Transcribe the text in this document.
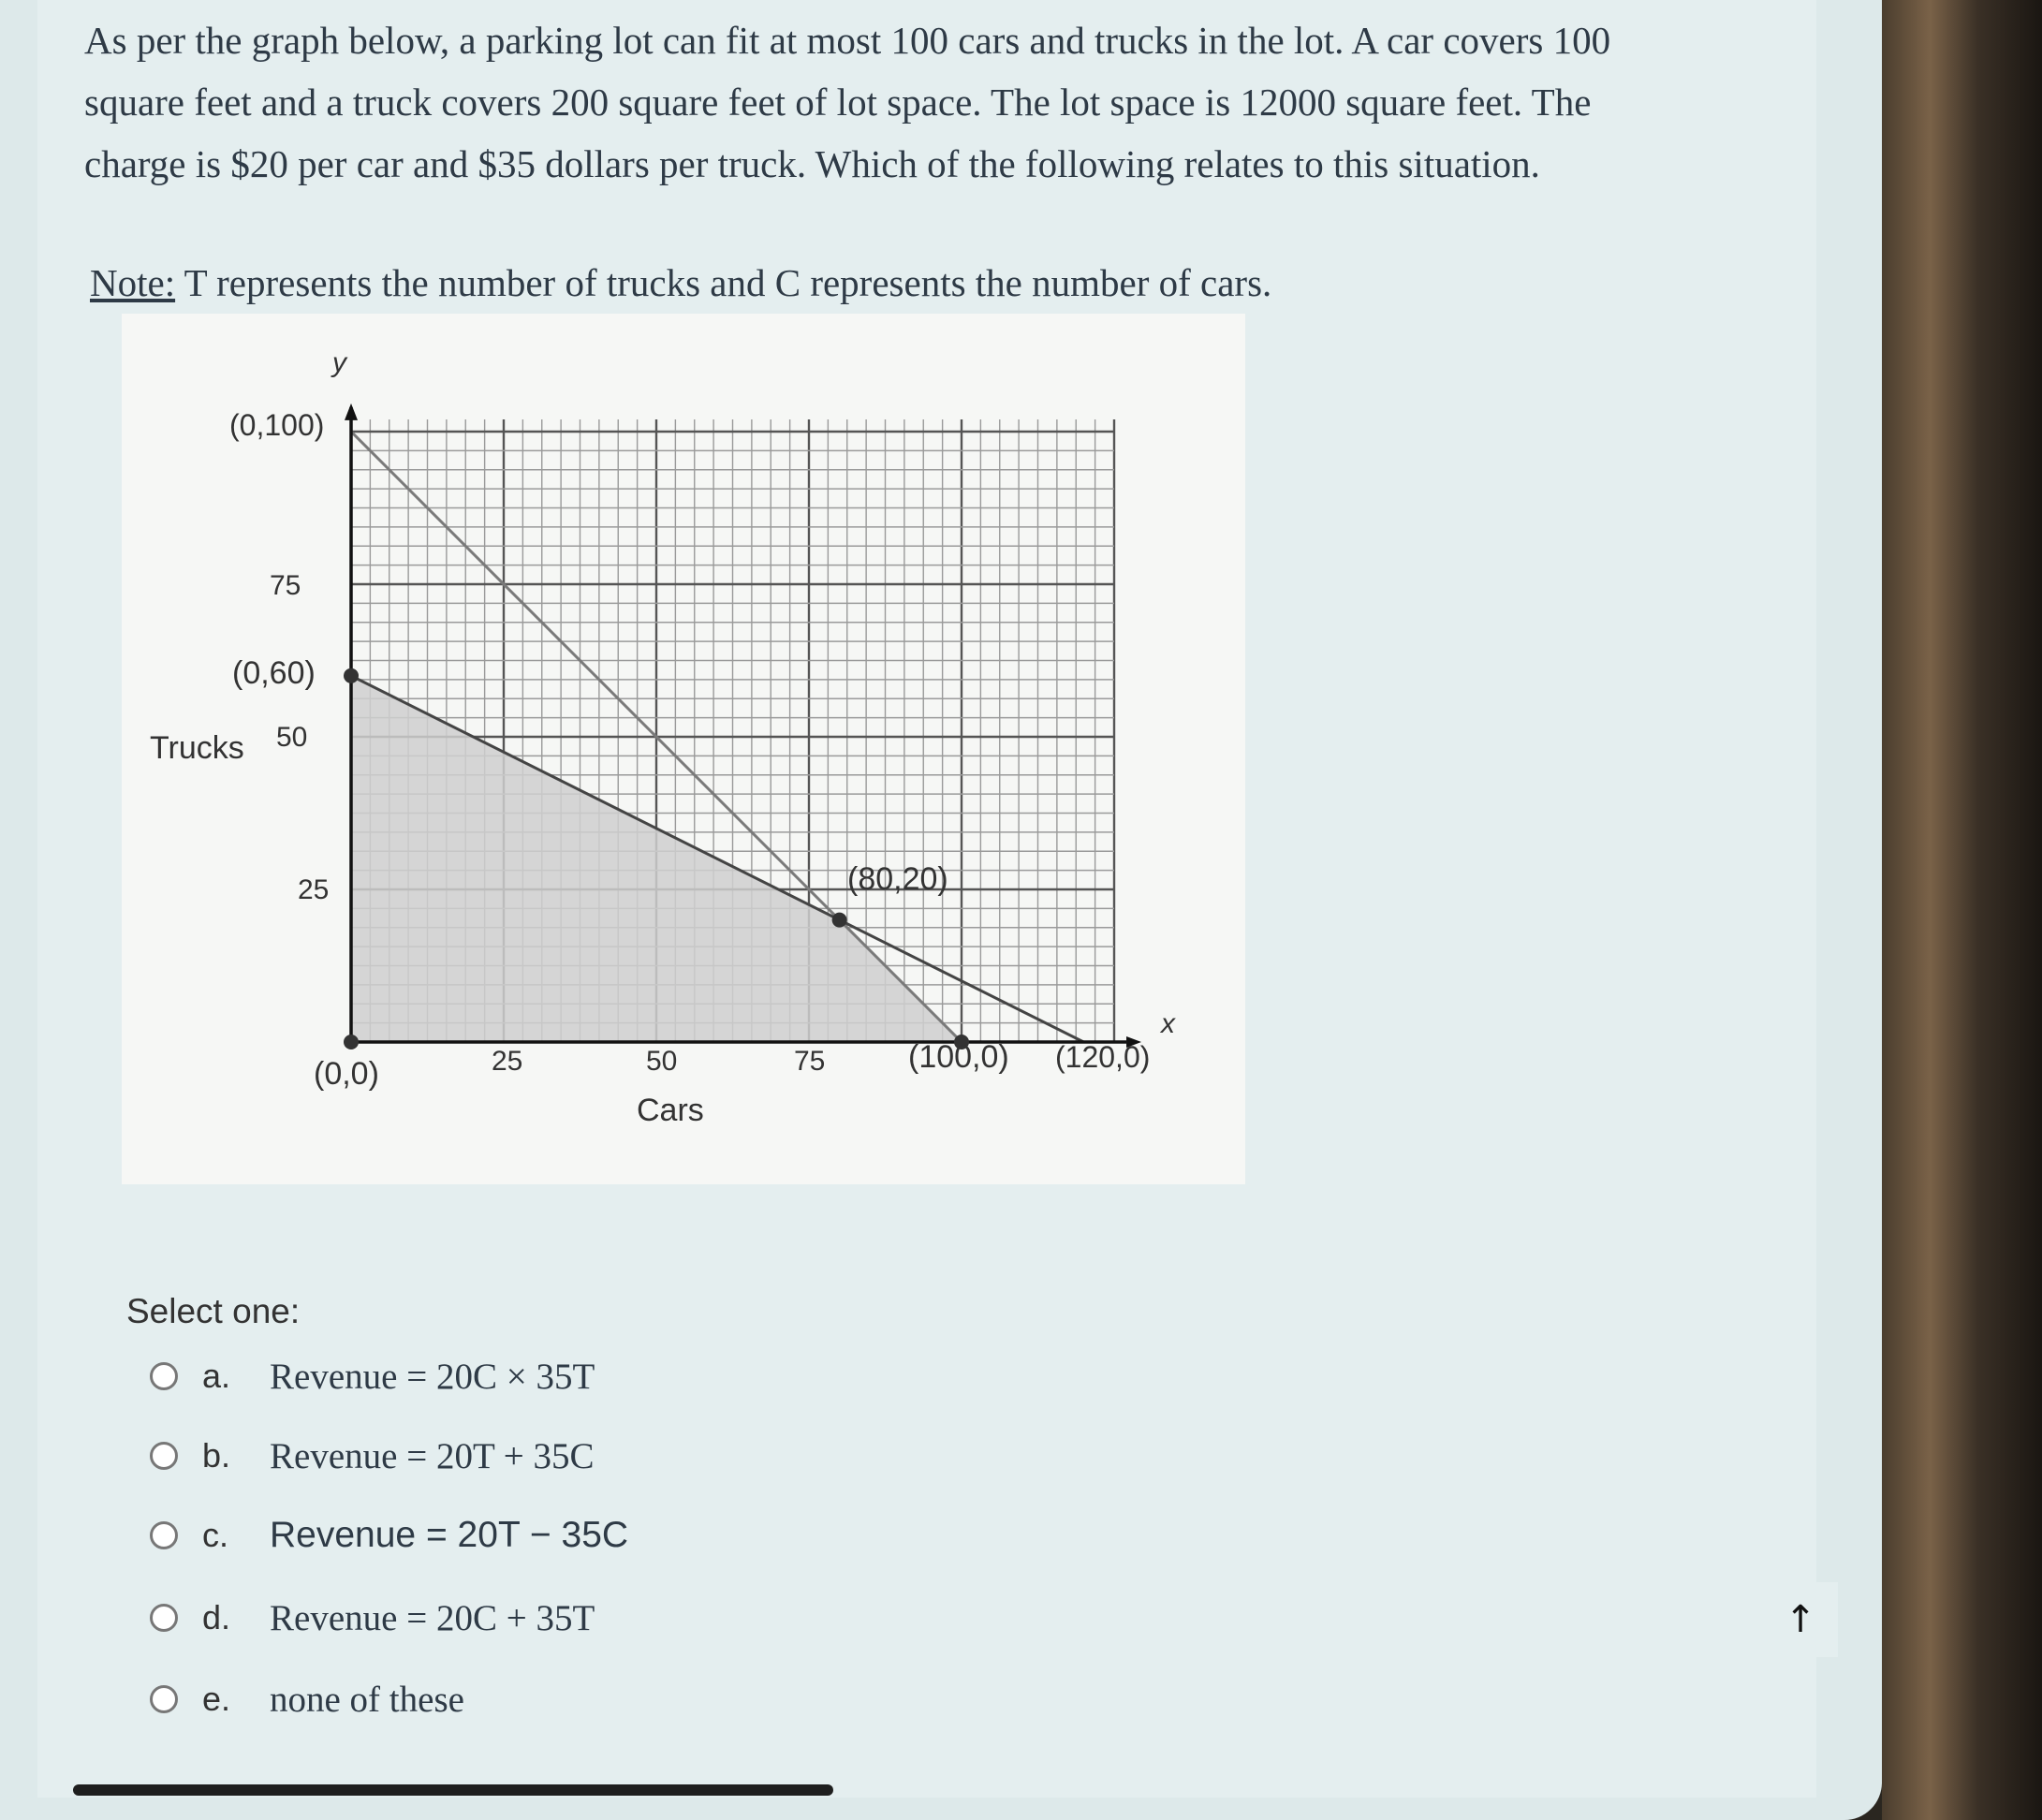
As per the graph below, a parking lot can fit at most 100 cars and trucks in the lot. A car covers 100 square feet and a truck covers 200 square feet of lot space. The lot space is 12000 square feet. The charge is $20 per car and $35 dollars per truck. Which of the following relates to this situation.
Note: T represents the number of trucks and C represents the number of cars.
y
x
Trucks
Cars
75
50
25
25	50	75
(0,100)
(0,60)
(0,0)
(80,20)
(100,0) (120,0)
Select one:
a.	Revenue = 20C × 35T
b.	Revenue = 20T + 35C
c.	Revenue = 20T − 35C
d.	Revenue = 20C + 35T
e.	none of these
↑
